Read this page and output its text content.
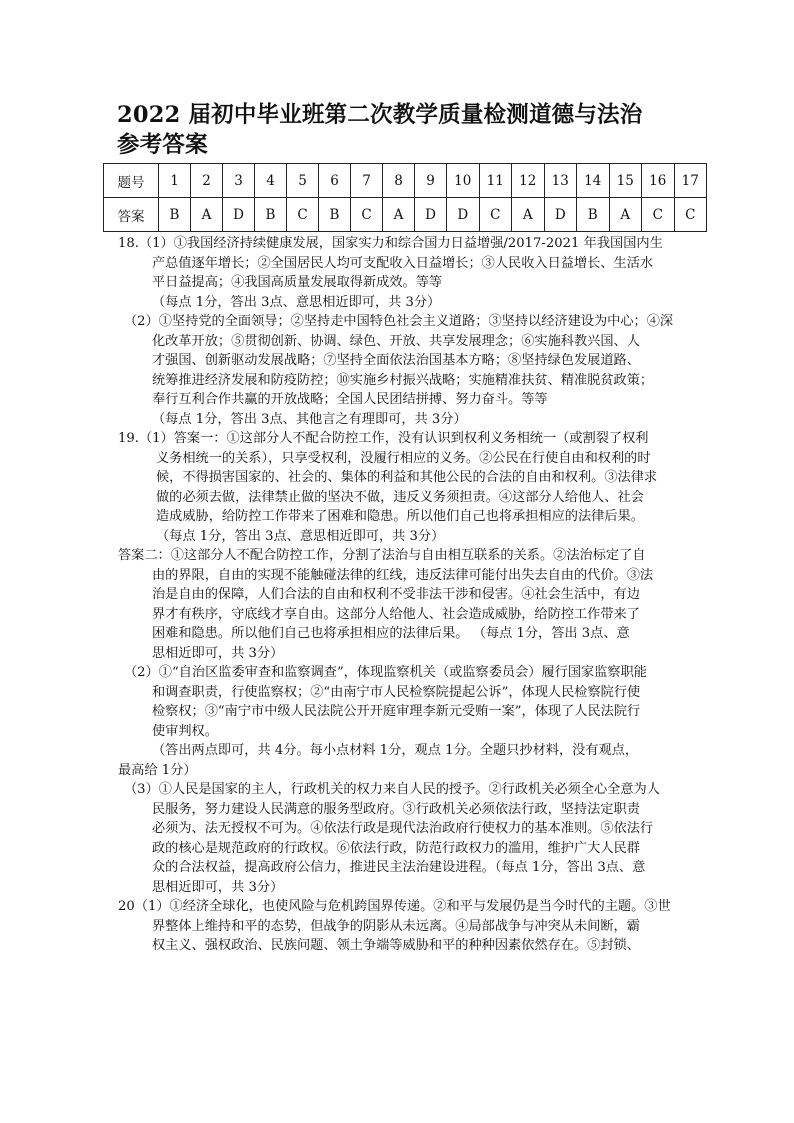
2022 届初中毕业班第二次教学质量检测道德与法治
参考答案
题号	1	2	3	4	5	6	7	8	9	10	11	12	13	14	15	16	17
答案	B	A	D	B	C	B	C	A	D	D	C	A	D	B	A	C	C
18.（1）①我国经济持续健康发展，国家实力和综合国力日益增强/2017-2021 年我国国内生
产总值逐年增长；②全国居民人均可支配收入日益增长；③人民收入日益增长、生活水
平日益提高；④我国高质量发展取得新成效。等等
（每点 1分，答出 3点、意思相近即可，共 3分）
（2）①坚持党的全面领导；②坚持走中国特色社会主义道路；③坚持以经济建设为中心；④深
化改革开放；⑤贯彻创新、协调、绿色、开放、共享发展理念；⑥实施科教兴国、人
才强国、创新驱动发展战略；⑦坚持全面依法治国基本方略；⑧坚持绿色发展道路、
统筹推进经济发展和防疫防控；⑩实施乡村振兴战略；实施精准扶贫、精准脱贫政策；
奉行互利合作共赢的开放战略；全国人民团结拼搏、努力奋斗。等等
（每点 1分，答出 3点、其他言之有理即可，共 3分）
19.（1）答案一：①这部分人不配合防控工作，没有认识到权利义务相统一（或割裂了权利
义务相统一的关系），只享受权利，没履行相应的义务。②公民在行使自由和权利的时
候，不得损害国家的、社会的、集体的利益和其他公民的合法的自由和权利。③法律求
做的必须去做，法律禁止做的坚决不做，违反义务须担责。④这部分人给他人、社会
造成威胁，给防控工作带来了困难和隐患。所以他们自己也将承担相应的法律后果。
（每点 1分，答出 3点、意思相近即可，共 3分）
答案二：①这部分人不配合防控工作，分割了法治与自由相互联系的关系。②法治标定了自
由的界限，自由的实现不能触碰法律的红线，违反法律可能付出失去自由的代价。③法
治是自由的保障，人们合法的自由和权利不受非法干涉和侵害。④社会生活中，有边
界才有秩序，守底线才享自由。这部分人给他人、社会造成威胁，给防控工作带来了
困难和隐患。所以他们自己也将承担相应的法律后果。 （每点 1分，答出 3点、意
思相近即可，共 3分）
（2）①“自治区监委审查和监察调查”，体现监察机关（或监察委员会）履行国家监察职能
和调查职责，行使监察权；②“由南宁市人民检察院提起公诉”，体现人民检察院行使
检察权；③“南宁市中级人民法院公开开庭审理李新元受贿一案”，体现了人民法院行
使审判权。
（答出两点即可，共 4分。每小点材料 1分，观点 1分。全题只抄材料，没有观点，
最高给 1分）
（3）①人民是国家的主人，行政机关的权力来自人民的授予。②行政机关必须全心全意为人
民服务，努力建设人民满意的服务型政府。③行政机关必须依法行政，坚持法定职责
必须为、法无授权不可为。④依法行政是现代法治政府行使权力的基本准则。⑤依法行
政的核心是规范政府的行政权。⑥依法行政，防范行政权力的滥用，维护广大人民群
众的合法权益，提高政府公信力，推进民主法治建设进程。（每点 1分，答出 3点、意
思相近即可，共 3分）
20（1）①经济全球化，也使风险与危机跨国界传递。②和平与发展仍是当今时代的主题。③世
界整体上维持和平的态势，但战争的阴影从未远离。④局部战争与冲突从未间断，霸
权主义、强权政治、民族问题、领土争端等威胁和平的种种因素依然存在。⑤封锁、
